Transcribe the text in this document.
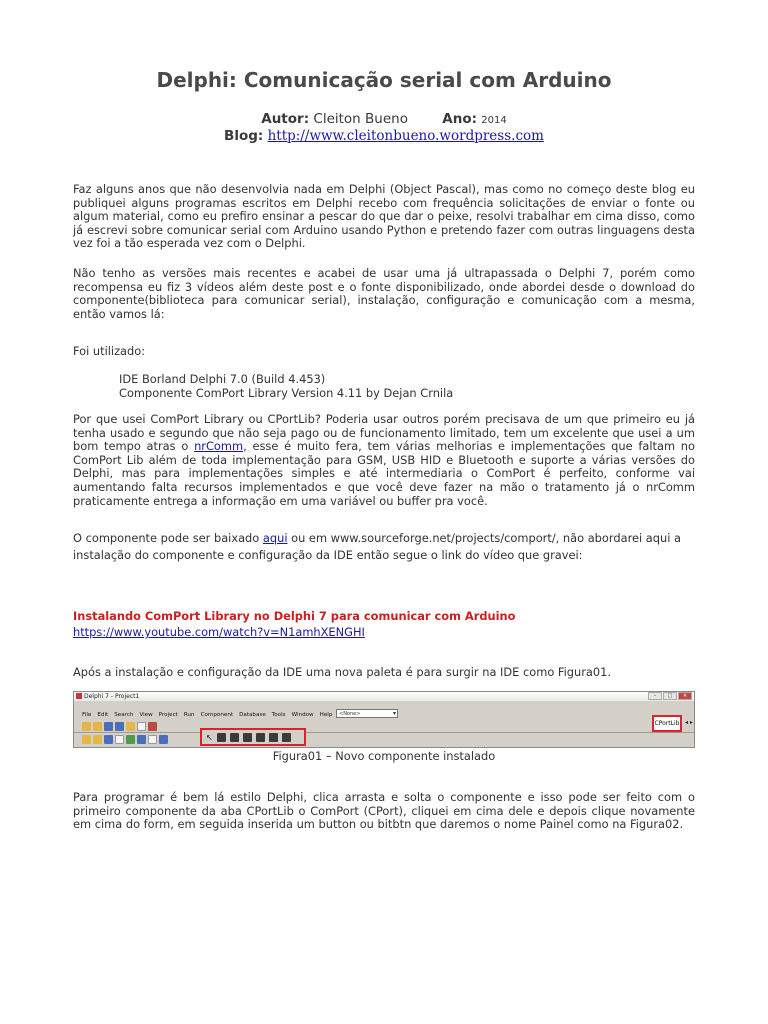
Delphi: Comunicação serial com Arduino
Autor: Cleiton Bueno	Ano: 2014
Blog: http://www.cleitonbueno.wordpress.com
Faz alguns anos que não desenvolvia nada em Delphi (Object Pascal), mas como no começo deste blog eu publiquei alguns programas escritos em Delphi recebo com frequência solicitações de enviar o fonte ou algum material, como eu prefiro ensinar a pescar do que dar o peixe, resolvi trabalhar em cima disso, como já escrevi sobre comunicar serial com Arduino usando Python e pretendo fazer com outras linguagens desta vez foi a tão esperada vez com o Delphi.
Não tenho as versões mais recentes e acabei de usar uma já ultrapassada o Delphi 7, porém como recompensa eu fiz 3 vídeos além deste post e o fonte disponibilizado, onde abordei desde o download do componente(biblioteca para comunicar serial), instalação, configuração e comunicação com a mesma, então vamos lá:
Foi utilizado:
IDE Borland Delphi 7.0 (Build 4.453)
Componente ComPort Library Version 4.11 by Dejan Crnila
Por que usei ComPort Library ou CPortLib? Poderia usar outros porém precisava de um que primeiro eu já tenha usado e segundo que não seja pago ou de funcionamento limitado, tem um excelente que usei a um bom tempo atras o nrComm, esse é muito fera, tem várias melhorias e implementações que faltam no ComPort Lib além de toda implementação para GSM, USB HID e Bluetooth e suporte a várias versões do Delphi, mas para implementações simples e até intermediaria o ComPort é perfeito, conforme vai aumentando falta recursos implementados e que você deve fazer na mão o tratamento já o nrComm praticamente entrega a informação em uma variável ou buffer pra você.
O componente pode ser baixado aqui ou em www.sourceforge.net/projects/comport/, não abordarei aqui a instalação do componente e configuração da IDE então segue o link do vídeo que gravei:
Instalando ComPort Library no Delphi 7 para comunicar com Arduino
https://www.youtube.com/watch?v=N1amhXENGHI
Após a instalação e configuração da IDE uma nova paleta é para surgir na IDE como Figura01.
Delphi 7 - Project1	–	□	✕
File Edit Search View Project Run Component Database Tools Window Help	<None> ▾
↖
CPortLib ◂ ▸
Figura01 – Novo componente instalado
Para programar é bem lá estilo Delphi, clica arrasta e solta o componente e isso pode ser feito com o primeiro componente da aba CPortLib o ComPort (CPort), cliquei em cima dele e depois clique novamente em cima do form, em seguida inserida um button ou bitbtn que daremos o nome Painel como na Figura02.
